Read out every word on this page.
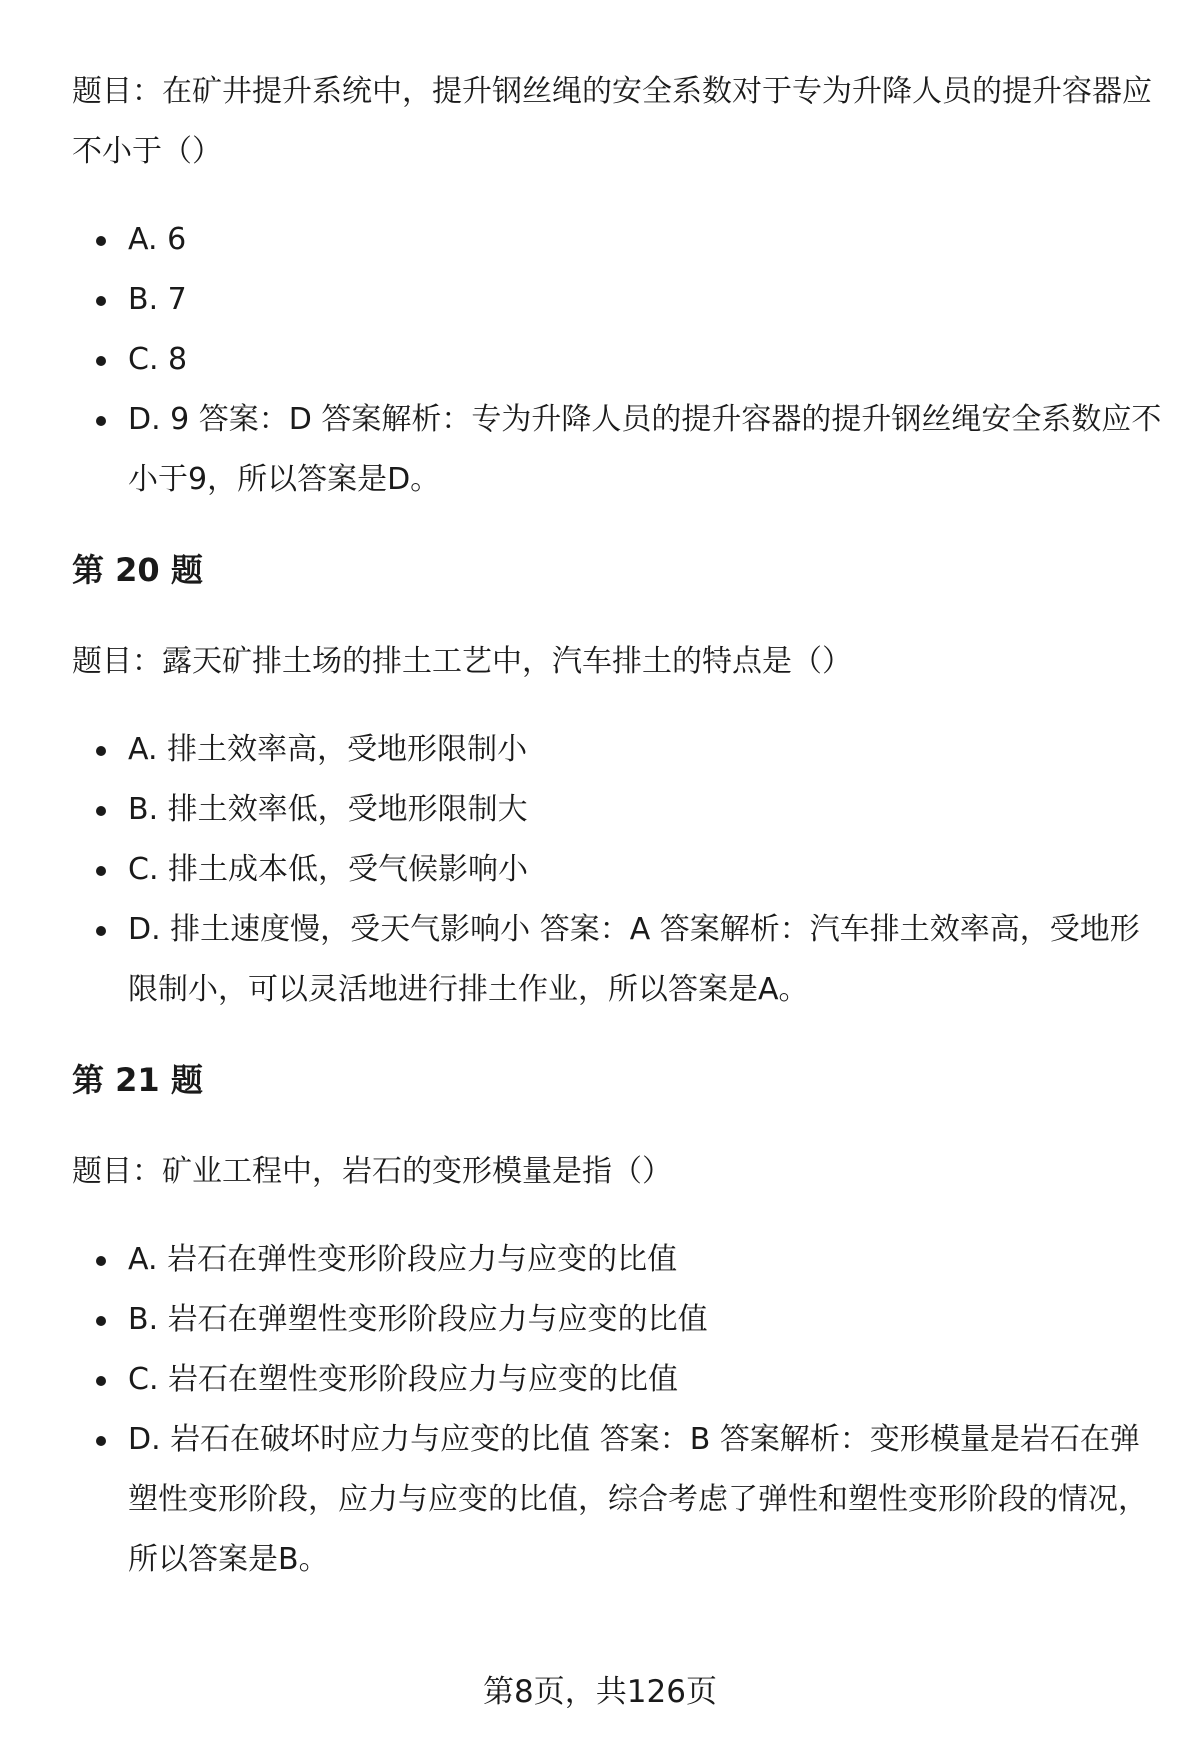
题目：在矿井提升系统中，提升钢丝绳的安全系数对于专为升降人员的提升容器应不小于（）

A. 6
B. 7
C. 8
D. 9 答案：D 答案解析：专为升降人员的提升容器的提升钢丝绳安全系数应不小于9，所以答案是D。
第 20 题

题目：露天矿排土场的排土工艺中，汽车排土的特点是（）

A. 排土效率高，受地形限制小
B. 排土效率低，受地形限制大
C. 排土成本低，受气候影响小
D. 排土速度慢，受天气影响小 答案：A 答案解析：汽车排土效率高，受地形限制小，可以灵活地进行排土作业，所以答案是A。
第 21 题

题目：矿业工程中，岩石的变形模量是指（）

A. 岩石在弹性变形阶段应力与应变的比值
B. 岩石在弹塑性变形阶段应力与应变的比值
C. 岩石在塑性变形阶段应力与应变的比值
D. 岩石在破坏时应力与应变的比值 答案：B 答案解析：变形模量是岩石在弹塑性变形阶段，应力与应变的比值，综合考虑了弹性和塑性变形阶段的情况，所以答案是B。
第8页，共126页
